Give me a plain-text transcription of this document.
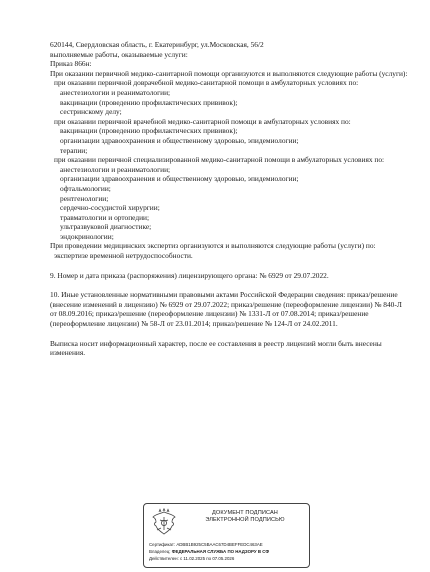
620144, Свердловская область, г. Екатеринбург, ул.Московская, 56/2

выполняемые работы, оказываемые услуги:

Приказ 866н:

При оказании первичной медико-санитарной помощи организуются и выполняются следующие работы (услуги):

при оказании первичной доврачебной медико-санитарной помощи в амбулаторных условиях по:

анестезиологии и реаниматологии;

вакцинации (проведению профилактических прививок);

сестринскому делу;

при оказании первичной врачебной медико-санитарной помощи в амбулаторных условиях по:

вакцинации (проведению профилактических прививок);

организации здравоохранения и общественному здоровью, эпидемиологии;

терапии;

при оказании первичной специализированной медико-санитарной помощи в амбулаторных условиях по:

анестезиологии и реаниматологии;

организации здравоохранения и общественному здоровью, эпидемиологии;

офтальмологии;

рентгенологии;

сердечно-сосудистой хирургии;

травматологии и ортопедии;

ультразвуковой диагностике;

эндокринологии;

При проведении медицинских экспертиз организуются и выполняются следующие работы (услуги) по:

экспертизе временной нетрудоспособности.

9. Номер и дата приказа (распоряжения) лицензирующего органа: № 6929 от 29.07.2022.

10. Иные установленные нормативными правовыми актами Российской Федерации сведения: приказ/решение (внесение изменений в лицензию) № 6929 от 29.07.2022; приказ/решение (переоформление лицензии) № 840-Л от 08.09.2016; приказ/решение (переоформление лицензии) № 1331-Л от 07.08.2014; приказ/решение (переоформление лицензии) № 58-Л от 23.01.2014; приказ/решение № 124-Л от 24.02.2011.

Выписка носит информационный характер, после ее составления в реестр лицензий могли быть внесены изменения.

ДОКУМЕНТ ПОДПИСАН
ЭЛЕКТРОННОЙ ПОДПИСЬЮ
Сертификат: ADBB1B925C5BAAC67D4BEFFEDC463AE
Владелец: ФЕДЕРАЛЬНАЯ СЛУЖБА ПО НАДЗОРУ В СФ
Действителен: с 11.02.2025 по 07.05.2026
